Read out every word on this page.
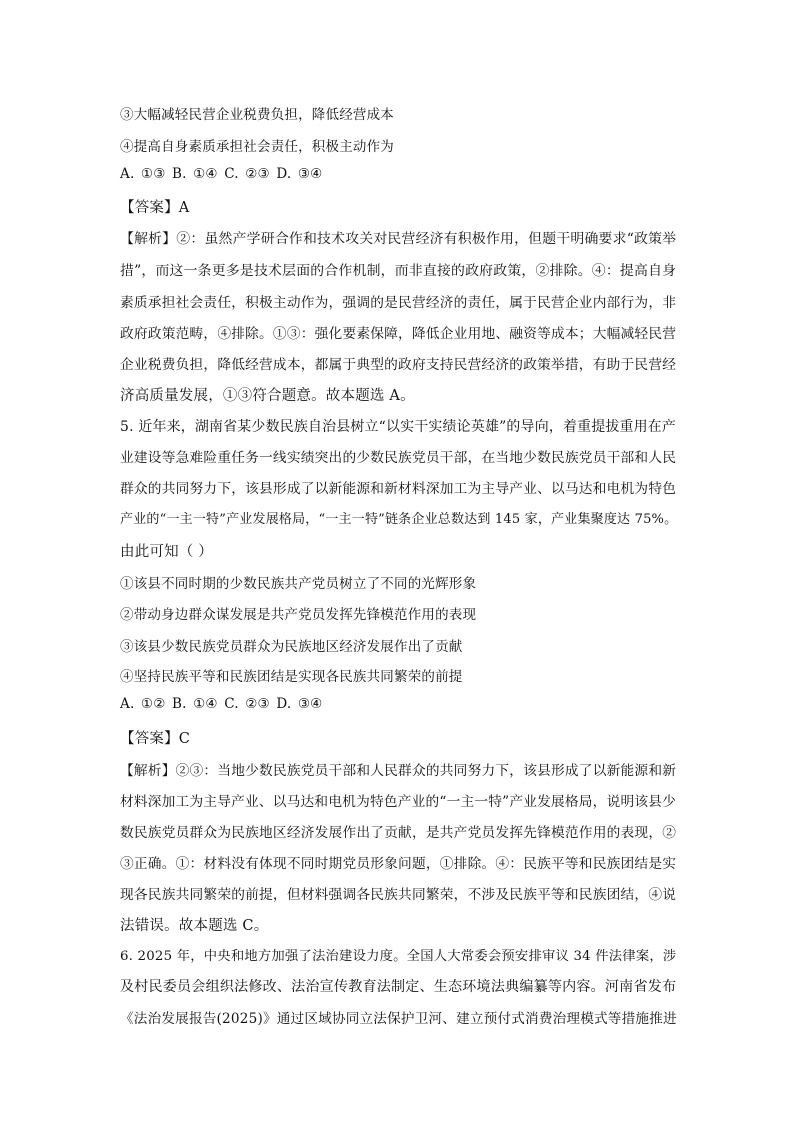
③大幅减轻民营企业税费负担，降低经营成本
④提高自身素质承担社会责任，积极主动作为
A. ①③ B. ①④ C. ②③ D. ③④
【答案】A
【解析】②：虽然产学研合作和技术攻关对民营经济有积极作用，但题干明确要求“政策举
措”，而这一条更多是技术层面的合作机制，而非直接的政府政策，②排除。④：提高自身
素质承担社会责任，积极主动作为，强调的是民营经济的责任，属于民营企业内部行为，非
政府政策范畴，④排除。①③：强化要素保障，降低企业用地、融资等成本；大幅减轻民营
企业税费负担，降低经营成本，都属于典型的政府支持民营经济的政策举措，有助于民营经
济高质量发展，①③符合题意。故本题选 A。
5. 近年来，湖南省某少数民族自治县树立“以实干实绩论英雄”的导向，着重提拔重用在产
业建设等急难险重任务一线实绩突出的少数民族党员干部，在当地少数民族党员干部和人民
群众的共同努力下，该县形成了以新能源和新材料深加工为主导产业、以马达和电机为特色
产业的“一主一特”产业发展格局，“一主一特”链条企业总数达到 145 家，产业集聚度达 75%。
由此可知（ ）
①该县不同时期的少数民族共产党员树立了不同的光辉形象
②带动身边群众谋发展是共产党员发挥先锋模范作用的表现
③该县少数民族党员群众为民族地区经济发展作出了贡献
④坚持民族平等和民族团结是实现各民族共同繁荣的前提
A. ①② B. ①④ C. ②③ D. ③④
【答案】C
【解析】②③：当地少数民族党员干部和人民群众的共同努力下，该县形成了以新能源和新
材料深加工为主导产业、以马达和电机为特色产业的“一主一特”产业发展格局，说明该县少
数民族党员群众为民族地区经济发展作出了贡献，是共产党员发挥先锋模范作用的表现，②
③正确。①：材料没有体现不同时期党员形象问题，①排除。④：民族平等和民族团结是实
现各民族共同繁荣的前提，但材料强调各民族共同繁荣，不涉及民族平等和民族团结，④说
法错误。故本题选 C。
6. 2025 年，中央和地方加强了法治建设力度。全国人大常委会预安排审议 34 件法律案，涉
及村民委员会组织法修改、法治宣传教育法制定、生态环境法典编纂等内容。河南省发布
《法治发展报告(2025)》通过区域协同立法保护卫河、建立预付式消费治理模式等措施推进
